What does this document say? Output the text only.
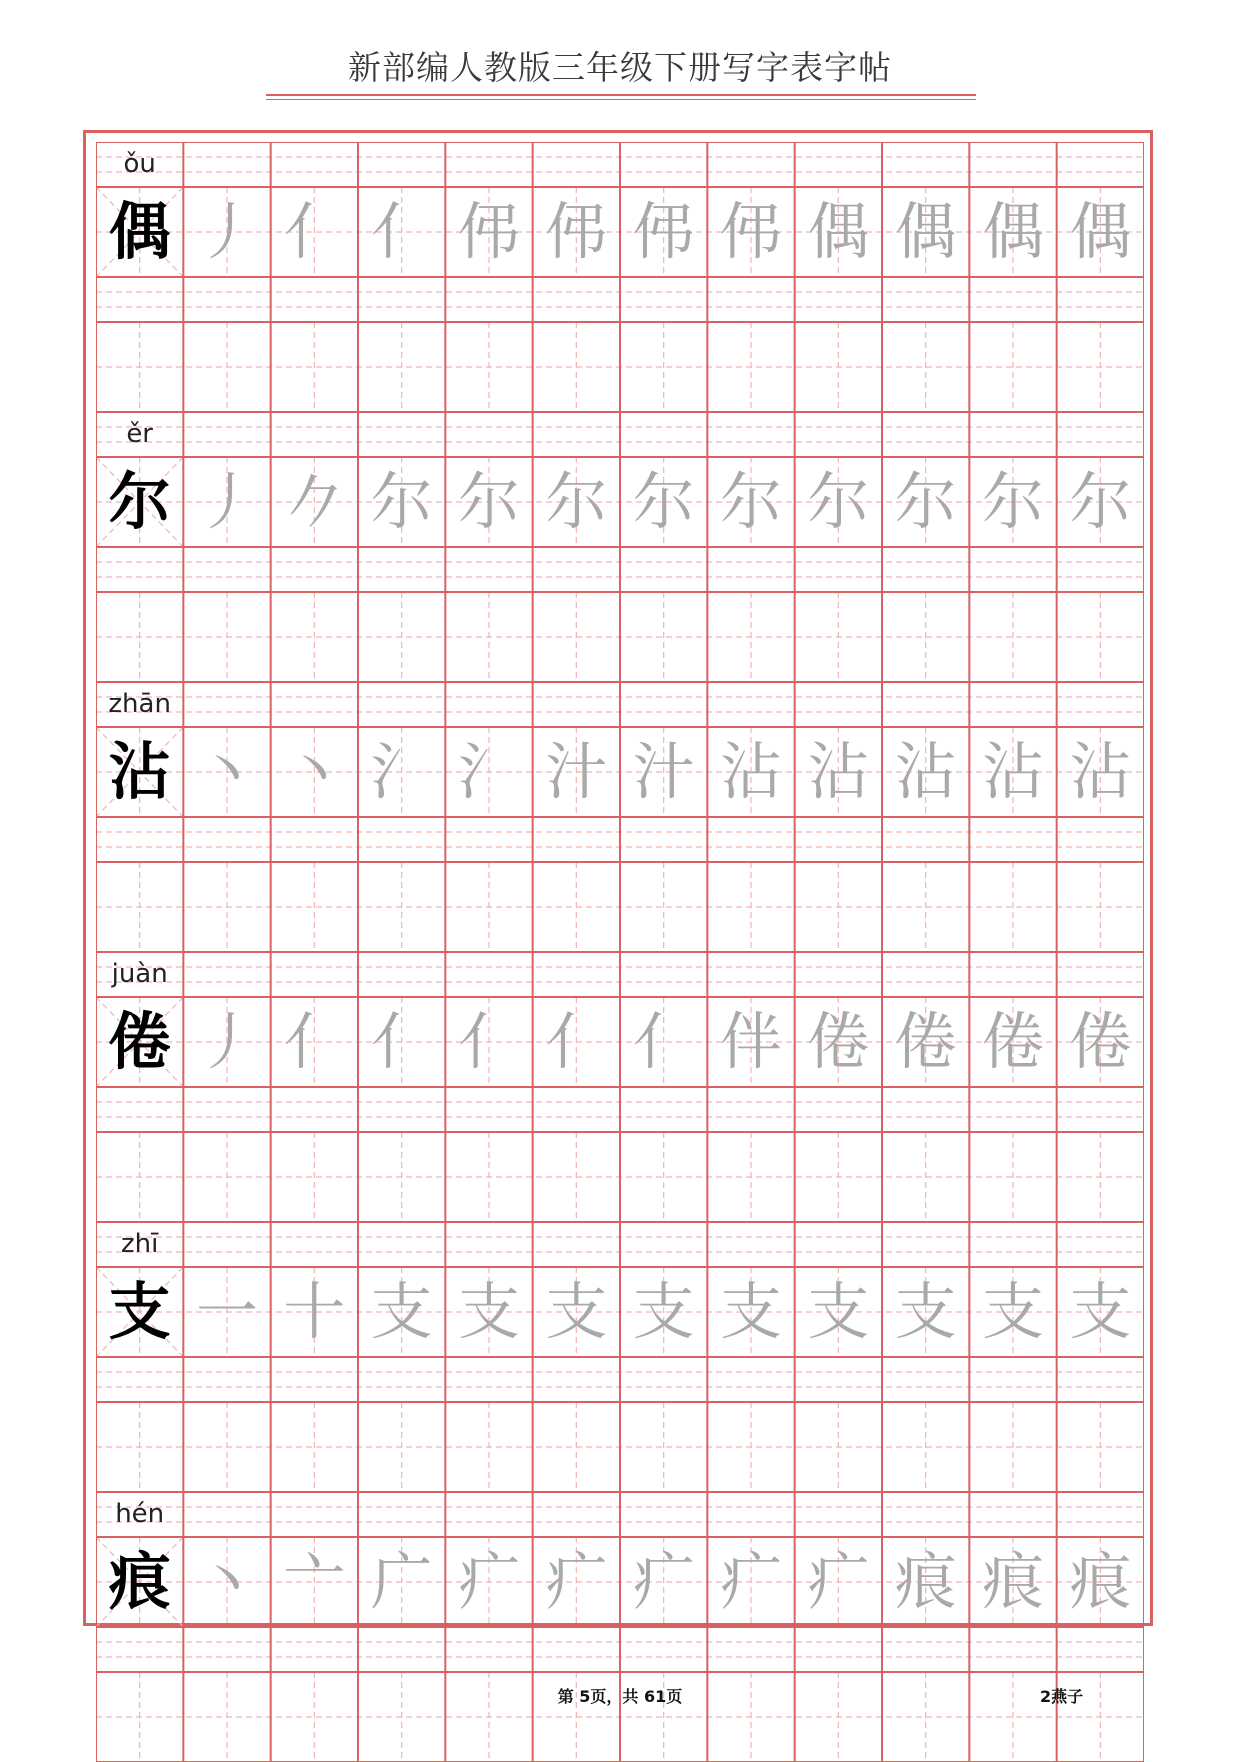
新部编人教版三年级下册写字表字帖
ǒu
偶 丿 亻 亻 伄 伄 伄 伄 偶 偶 偶 偶
ěr
尔 丿 𠂊 尔 尔 尔 尔 尔 尔 尔 尔 尔
zhān
沾 丶 丶 氵 氵 汁 汁 沾 沾 沾 沾 沾
juàn
倦 丿 亻 亻 亻 亻 亻 伴 倦 倦 倦 倦
zhī
支 一 十 支 支 支 支 支 支 支 支 支
hén
痕 丶 亠 广 疒 疒 疒 疒 疒 痕 痕 痕
第 5页，共 61页	2燕子
